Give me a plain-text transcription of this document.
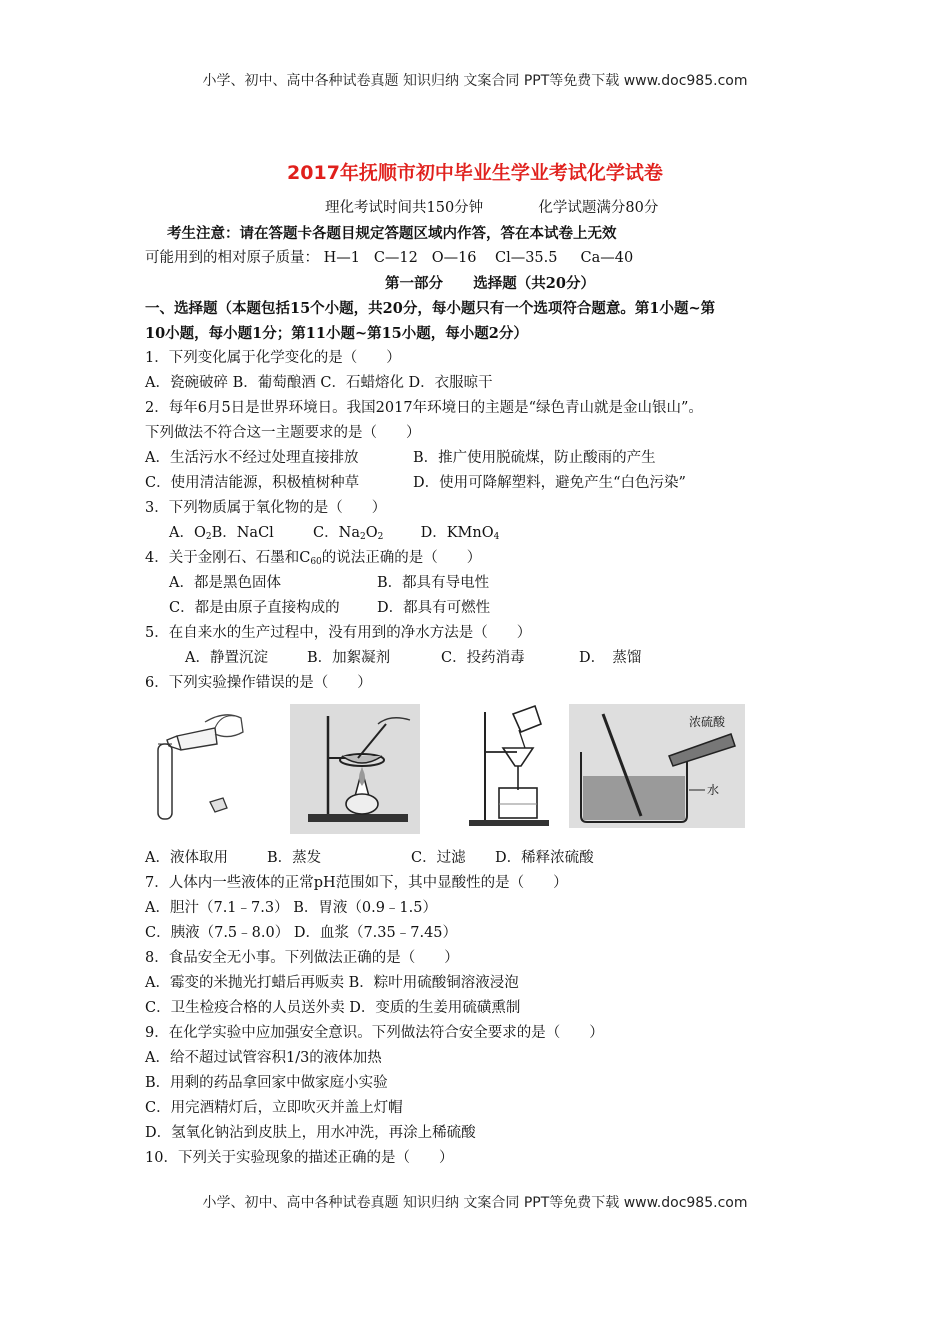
小学、初中、高中各种试卷真题 知识归纳 文案合同 PPT等免费下载 www.doc985.com
2017年抚顺市初中毕业生学业考试化学试卷
理化考试时间共150分钟	化学试题满分80分
考生注意：请在答题卡各题目规定答题区域内作答，答在本试卷上无效
可能用到的相对原子质量： H—1 C—12 O—16 Cl—35.5 Ca—40
第一部分 选择题（共20分）
一、选择题（本题包括15个小题，共20分，每小题只有一个选项符合题意。第1小题~第
10小题，每小题1分；第11小题~第15小题，每小题2分）
1．下列变化属于化学变化的是（　　）
A．瓷碗破碎 B．葡萄酿酒 C．石蜡熔化 D．衣服晾干
2．每年6月5日是世界环境日。我国2017年环境日的主题是“绿色青山就是金山银山”。
下列做法不符合这一主题要求的是（　　）
A．生活污水不经过处理直接排放	B．推广使用脱硫煤，防止酸雨的产生
C．使用清洁能源，积极植树种草	D．使用可降解塑料，避免产生“白色污染”
3．下列物质属于氧化物的是（　　）
A．$O_2B$．NaCl	C．$Na_2O_2$	D．KMnO$_4$
4．关于金刚石、石墨和$C_{60}$的说法正确的是（　　）
A．都是黑色固体	B．都具有导电性
C．都是由原子直接构成的	D．都具有可燃性
5．在自来水的生产过程中，没有用到的净水方法是（　　）
A．静置沉淀	B．加絮凝剂	C．投药消毒	D．　蒸馏
6．下列实验操作错误的是（　　）
浓硫酸
水
A．液体取用	B．蒸发	C．过滤 D．稀释浓硫酸
7．人体内一些液体的正常pH范围如下，其中显酸性的是（　　）
A．胆汁（7.1﹣7.3） B．胃液（0.9﹣1.5）
C．胰液（7.5﹣8.0） D．血浆（7.35﹣7.45）
8．食品安全无小事。下列做法正确的是（　　）
A．霉变的米抛光打蜡后再贩卖 B．粽叶用硫酸铜溶液浸泡
C．卫生检疫合格的人员送外卖 D．变质的生姜用硫磺熏制
9．在化学实验中应加强安全意识。下列做法符合安全要求的是（　　）
A．给不超过试管容积1/3的液体加热
B．用剩的药品拿回家中做家庭小实验
C．用完酒精灯后，立即吹灭并盖上灯帽
D．氢氧化钠沾到皮肤上，用水冲洗，再涂上稀硫酸
10．下列关于实验现象的描述正确的是（　　）
小学、初中、高中各种试卷真题 知识归纳 文案合同 PPT等免费下载 www.doc985.com
